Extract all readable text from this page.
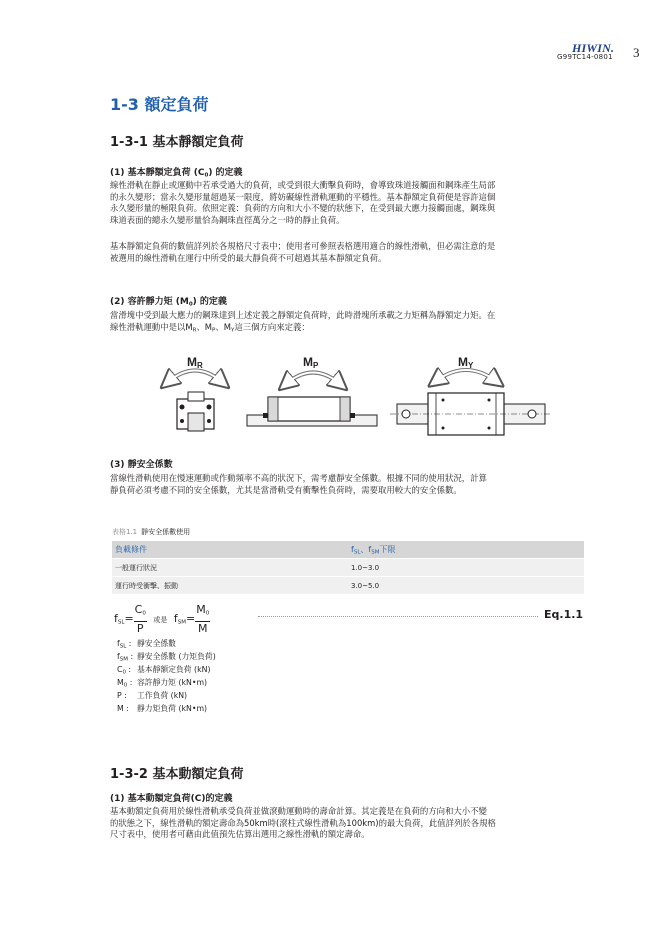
HIWIN.
G99TC14-0801 3
1-3 額定負荷
1-3-1 基本靜額定負荷
(1) 基本靜額定負荷 $(C_0)$ 的定義
線性滑軌在靜止或運動中若承受過大的負荷，或受到很大衝擊負荷時，會導致珠道接觸面和鋼珠產生局部
的永久變形；當永久變形量超過某一限度，將妨礙線性滑軌運動的平穩性。基本靜額定負荷便是容許這個
永久變形量的極限負荷。依照定義：負荷的方向和大小不變的狀態下，在受到最大應力接觸面處，鋼珠與
珠道表面的總永久變形量恰為鋼珠直徑萬分之一時的靜止負荷。
基本靜額定負荷的數值詳列於各規格尺寸表中；使用者可參照表格選用適合的線性滑軌，但必需注意的是
被選用的線性滑軌在運行中所受的最大靜負荷不可超過其基本靜額定負荷。
(2) 容許靜力矩 $(M_0)$ 的定義
當滑塊中受到最大應力的鋼珠達到上述定義之靜額定負荷時，此時滑塊所承載之力矩稱為靜額定力矩。在
線性滑軌運動中是以$M_R$、$M_P$、$M_Y$這三個方向來定義：
MR	MP	MY
(3) 靜安全係數
當線性滑軌使用在慢速運動或作動頻率不高的狀況下，需考慮靜安全係數。根據不同的使用狀況，計算
靜負荷必須考慮不同的安全係數，尤其是當滑軌受有衝擊性負荷時，需要取用較大的安全係數。
表格1.1 靜安全係數使用
負載條件	$f_{SL}$、$f_{SM}$下限
一般運行狀況	1.0~3.0
運行時受衝擊、振動	3.0~5.0
$f_{SL}= \frac{C_0}{P}$ 或是 $f_{SM}= \frac{M_0}{M}$	Eq.1.1
$f_{SL}$ : 靜安全係數
$f_{SM}$ : 靜安全係數 (力矩負荷)
$C_0$ : 基本靜額定負荷 (kN)
$M_0$ : 容許靜力矩 (kN•m)
P : 工作負荷 (kN)
M : 靜力矩負荷 (kN•m)
1-3-2 基本動額定負荷
(1) 基本動額定負荷(C)的定義
基本動額定負荷用於線性滑軌承受負荷並做滾動運動時的壽命計算。其定義是在負荷的方向和大小不變
的狀態之下，線性滑軌的額定壽命為50km時(滾柱式線性滑軌為100km)的最大負荷，此值詳列於各規格
尺寸表中，使用者可藉由此值預先估算出選用之線性滑軌的額定壽命。
